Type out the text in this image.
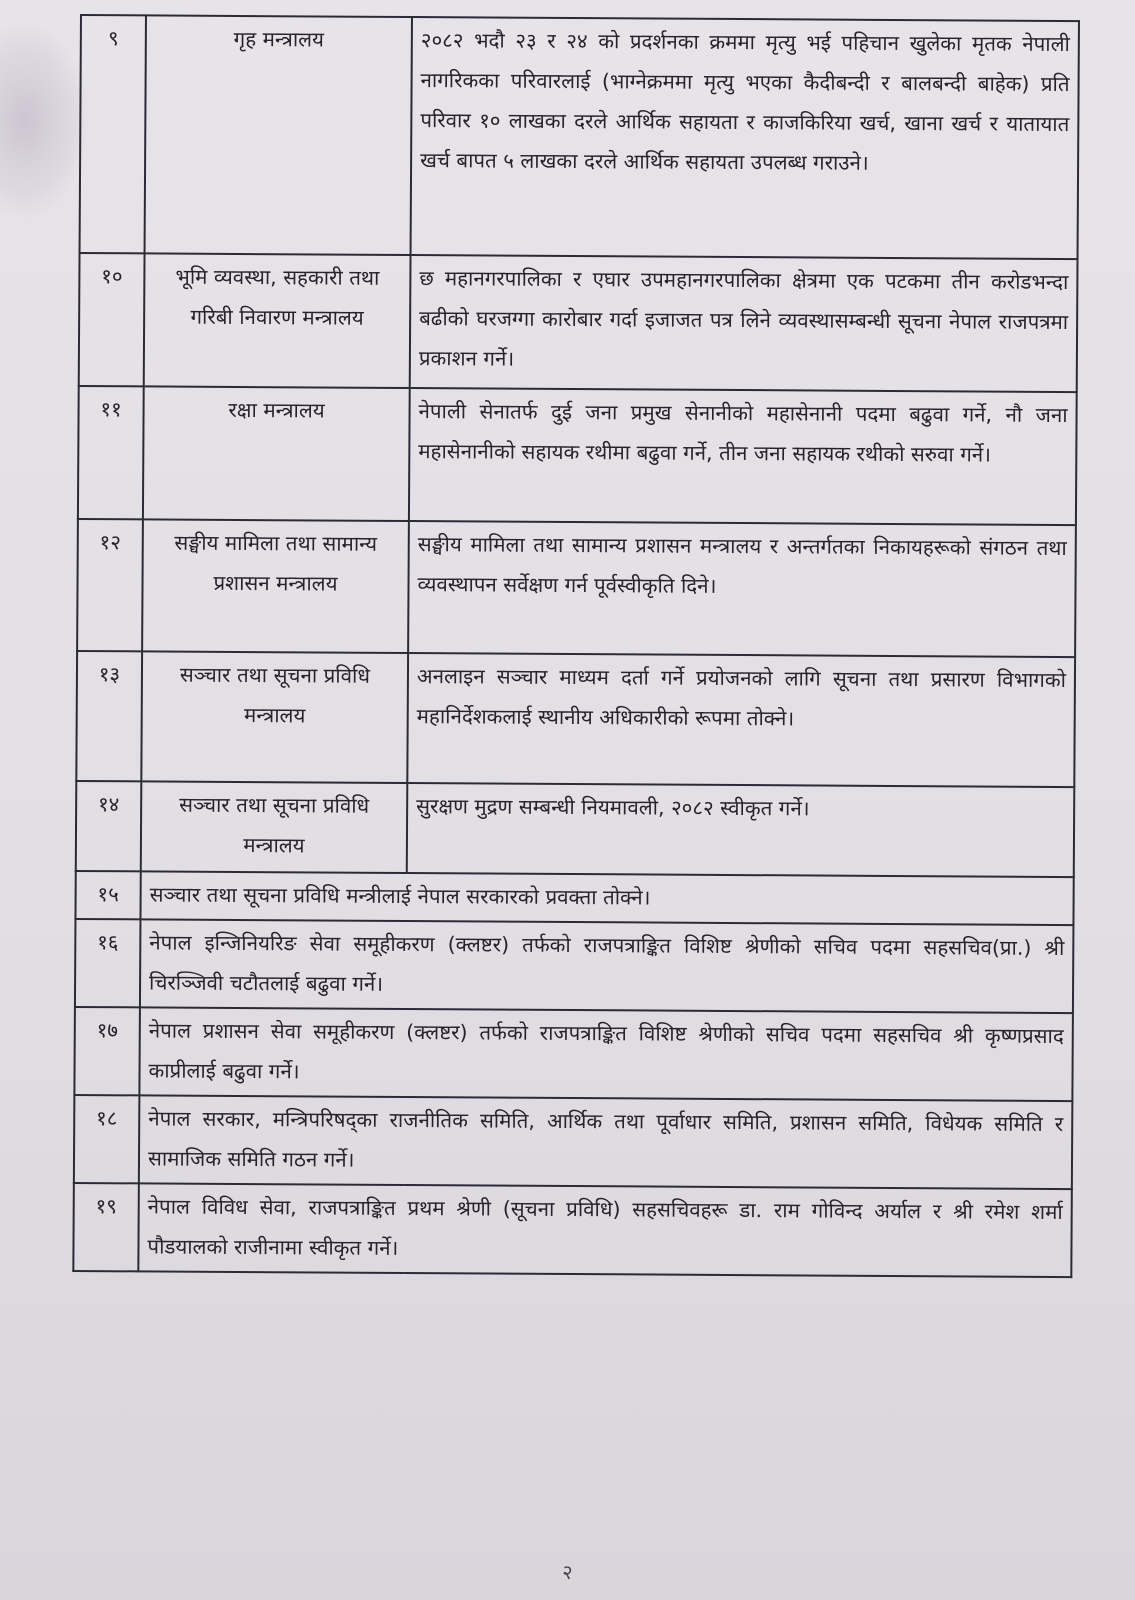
९	गृह मन्त्रालय	२०८२ भदौ २३ र २४ को प्रदर्शनका क्रममा मृत्यु भई पहिचान खुलेका मृतक नेपाली नागरिकका परिवारलाई (भाग्नेक्रममा मृत्यु भएका कैदीबन्दी र बालबन्दी बाहेक) प्रति परिवार १० लाखका दरले आर्थिक सहायता र काजकिरिया खर्च, खाना खर्च र यातायात खर्च बापत ५ लाखका दरले आर्थिक सहायता उपलब्ध गराउने।
१०	भूमि व्यवस्था, सहकारी तथा गरिबी निवारण मन्त्रालय	छ महानगरपालिका र एघार उपमहानगरपालिका क्षेत्रमा एक पटकमा तीन करोडभन्दा बढीको घरजग्गा कारोबार गर्दा इजाजत पत्र लिने व्यवस्थासम्बन्धी सूचना नेपाल राजपत्रमा प्रकाशन गर्ने।
११	रक्षा मन्त्रालय	नेपाली सेनातर्फ दुई जना प्रमुख सेनानीको महासेनानी पदमा बढुवा गर्ने, नौ जना महासेनानीको सहायक रथीमा बढुवा गर्ने, तीन जना सहायक रथीको सरुवा गर्ने।
१२	सङ्घीय मामिला तथा सामान्य प्रशासन मन्त्रालय	सङ्घीय मामिला तथा सामान्य प्रशासन मन्त्रालय र अन्तर्गतका निकायहरूको संगठन तथा व्यवस्थापन सर्वेक्षण गर्न पूर्वस्वीकृति दिने।
१३	सञ्चार तथा सूचना प्रविधि मन्त्रालय	अनलाइन सञ्चार माध्यम दर्ता गर्ने प्रयोजनको लागि सूचना तथा प्रसारण विभागको महानिर्देशकलाई स्थानीय अधिकारीको रूपमा तोक्ने।
१४	सञ्चार तथा सूचना प्रविधि मन्त्रालय	सुरक्षण मुद्रण सम्बन्धी नियमावली, २०८२ स्वीकृत गर्ने।
१५	सञ्चार तथा सूचना प्रविधि मन्त्रीलाई नेपाल सरकारको प्रवक्ता तोक्ने।	
१६	नेपाल इन्जिनियरिङ सेवा समूहीकरण (क्लष्टर) तर्फको राजपत्राङ्कित विशिष्ट श्रेणीको सचिव पदमा सहसचिव(प्रा.) श्री चिरञ्जिवी चटौतलाई बढुवा गर्ने।	
१७	नेपाल प्रशासन सेवा समूहीकरण (क्लष्टर) तर्फको राजपत्राङ्कित विशिष्ट श्रेणीको सचिव पदमा सहसचिव श्री कृष्णप्रसाद काप्रीलाई बढुवा गर्ने।	
१८	नेपाल सरकार, मन्त्रिपरिषद्का राजनीतिक समिति, आर्थिक तथा पूर्वाधार समिति, प्रशासन समिति, विधेयक समिति र सामाजिक समिति गठन गर्ने।	
१९	नेपाल विविध सेवा, राजपत्राङ्कित प्रथम श्रेणी (सूचना प्रविधि) सहसचिवहरू डा. राम गोविन्द अर्याल र श्री रमेश शर्मा पौडयालको राजीनामा स्वीकृत गर्ने।	
२
